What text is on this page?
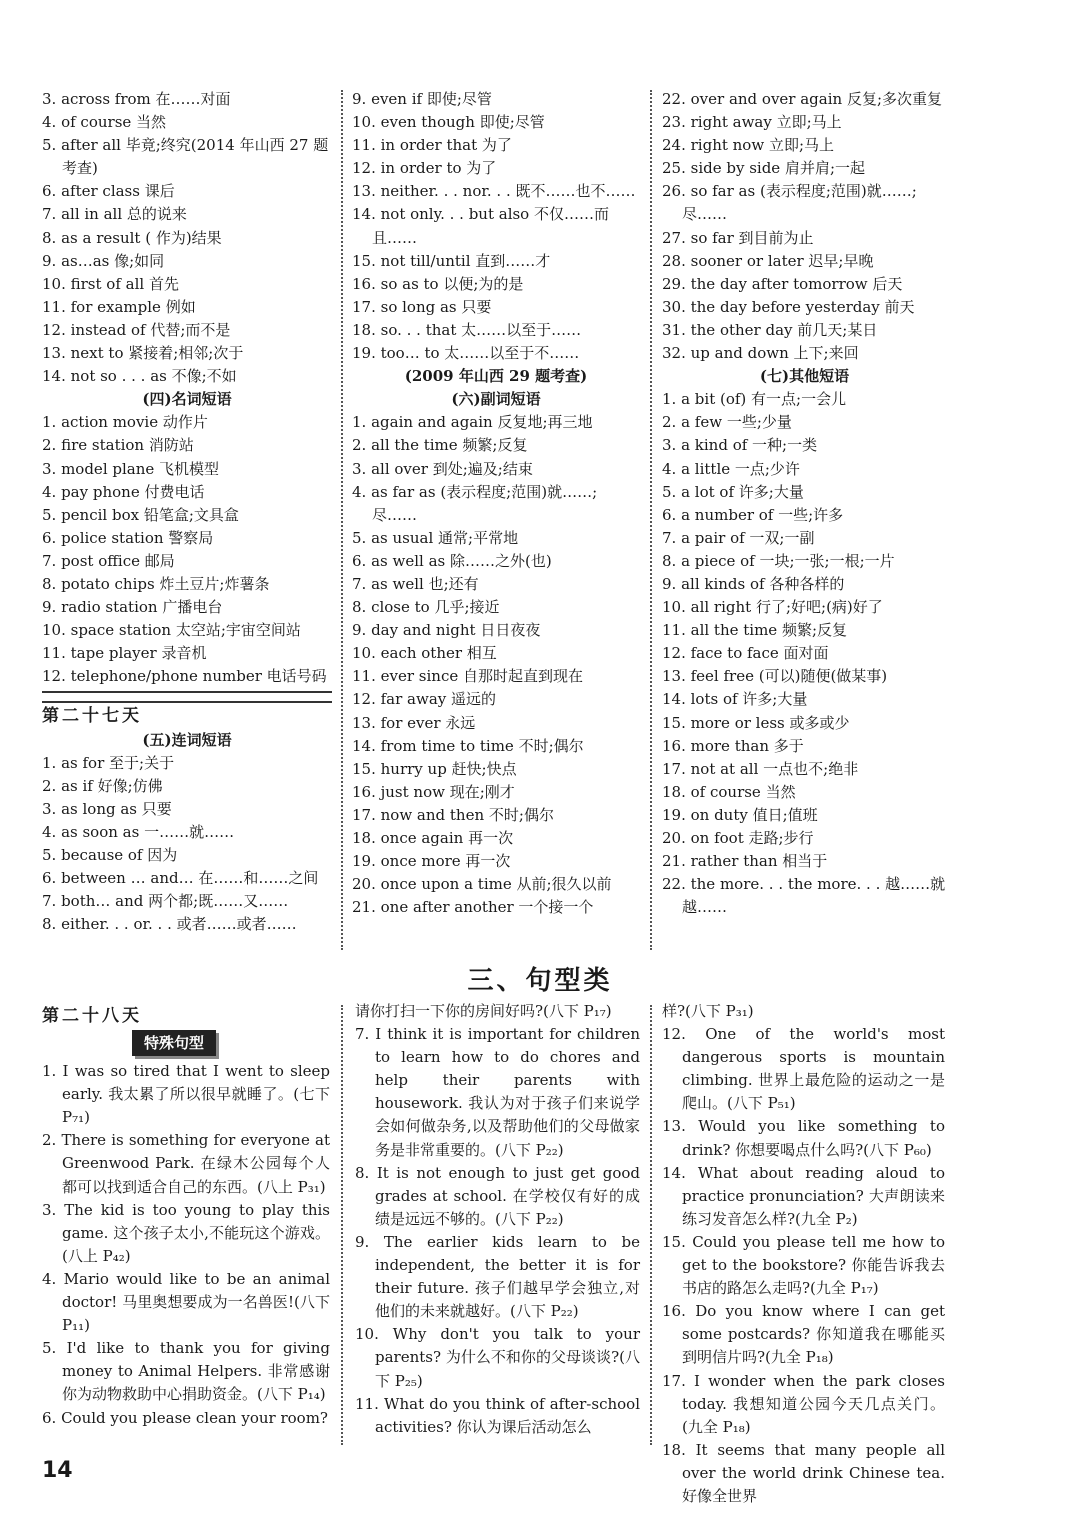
3. across from 在……对面
4. of course 当然
5. after all 毕竟;终究(2014 年山西 27 题考查)
6. after class 课后
7. all in all 总的说来
8. as a result ( 作为)结果
9. as…as 像;如同
10. first of all 首先
11. for example 例如
12. instead of 代替;而不是
13. next to 紧接着;相邻;次于
14. not so . . . as 不像;不如
(四)名词短语
1. action movie 动作片
2. fire station 消防站
3. model plane 飞机模型
4. pay phone 付费电话
5. pencil box 铅笔盒;文具盒
6. police station 警察局
7. post office 邮局
8. potato chips 炸土豆片;炸薯条
9. radio station 广播电台
10. space station 太空站;宇宙空间站
11. tape player 录音机
12. telephone/phone number 电话号码
第二十七天
(五)连词短语
1. as for 至于;关于
2. as if 好像;仿佛
3. as long as 只要
4. as soon as 一……就……
5. because of 因为
6. between … and… 在……和……之间
7. both… and 两个都;既……又……
8. either. . . or. . . 或者……或者……
9. even if 即使;尽管
10. even though 即使;尽管
11. in order that 为了
12. in order to 为了
13. neither. . . nor. . . 既不……也不……
14. not only. . . but also 不仅……而且……
15. not till/until 直到……才
16. so as to 以便;为的是
17. so long as 只要
18. so. . . that 太……以至于……
19. too… to 太……以至于不……
(2009 年山西 29 题考查)
(六)副词短语
1. again and again 反复地;再三地
2. all the time 频繁;反复
3. all over 到处;遍及;结束
4. as far as (表示程度;范围)就……;尽……
5. as usual 通常;平常地
6. as well as 除……之外(也)
7. as well 也;还有
8. close to 几乎;接近
9. day and night 日日夜夜
10. each other 相互
11. ever since 自那时起直到现在
12. far away 遥远的
13. for ever 永远
14. from time to time 不时;偶尔
15. hurry up 赶快;快点
16. just now 现在;刚才
17. now and then 不时;偶尔
18. once again 再一次
19. once more 再一次
20. once upon a time 从前;很久以前
21. one after another 一个接一个
22. over and over again 反复;多次重复
23. right away 立即;马上
24. right now 立即;马上
25. side by side 肩并肩;一起
26. so far as (表示程度;范围)就……;尽……
27. so far 到目前为止
28. sooner or later 迟早;早晚
29. the day after tomorrow 后天
30. the day before yesterday 前天
31. the other day 前几天;某日
32. up and down 上下;来回
(七)其他短语
1. a bit (of) 有一点;一会儿
2. a few 一些;少量
3. a kind of 一种;一类
4. a little 一点;少许
5. a lot of 许多;大量
6. a number of 一些;许多
7. a pair of 一双;一副
8. a piece of 一块;一张;一根;一片
9. all kinds of 各种各样的
10. all right 行了;好吧;(病)好了
11. all the time 频繁;反复
12. face to face 面对面
13. feel free (可以)随便(做某事)
14. lots of 许多;大量
15. more or less 或多或少
16. more than 多于
17. not at all 一点也不;绝非
18. of course 当然
19. on duty 值日;值班
20. on foot 走路;步行
21. rather than 相当于
22. the more. . . the more. . . 越……就越……
三、句型类
第二十八天
特殊句型
1. I was so tired that I went to sleep early. 我太累了所以很早就睡了。(七下 P₇₁)
2. There is something for everyone at Greenwood Park. 在绿木公园每个人都可以找到适合自己的东西。(八上 P₃₁)
3. The kid is too young to play this game. 这个孩子太小,不能玩这个游戏。(八上 P₄₂)
4. Mario would like to be an animal doctor! 马里奥想要成为一名兽医!(八下 P₁₁)
5. I'd like to thank you for giving money to Animal Helpers. 非常感谢你为动物救助中心捐助资金。(八下 P₁₄)
6. Could you please clean your room?
请你打扫一下你的房间好吗?(八下 P₁₇)
7. I think it is important for children to learn how to do chores and help their parents with housework. 我认为对于孩子们来说学会如何做杂务,以及帮助他们的父母做家务是非常重要的。(八下 P₂₂)
8. It is not enough to just get good grades at school. 在学校仅有好的成绩是远远不够的。(八下 P₂₂)
9. The earlier kids learn to be independent, the better it is for their future. 孩子们越早学会独立,对他们的未来就越好。(八下 P₂₂)
10. Why don't you talk to your parents? 为什么不和你的父母谈谈?(八下 P₂₅)
11. What do you think of after-school activities? 你认为课后活动怎么
样?(八下 P₃₁)
12. One of the world's most dangerous sports is mountain climbing. 世界上最危险的运动之一是爬山。(八下 P₅₁)
13. Would you like something to drink? 你想要喝点什么吗?(八下 P₆₀)
14. What about reading aloud to practice pronunciation? 大声朗读来练习发音怎么样?(九全 P₂)
15. Could you please tell me how to get to the bookstore? 你能告诉我去书店的路怎么走吗?(九全 P₁₇)
16. Do you know where I can get some postcards? 你知道我在哪能买到明信片吗?(九全 P₁₈)
17. I wonder when the park closes today. 我想知道公园今天几点关门。(九全 P₁₈)
18. It seems that many people all over the world drink Chinese tea. 好像全世界
14
